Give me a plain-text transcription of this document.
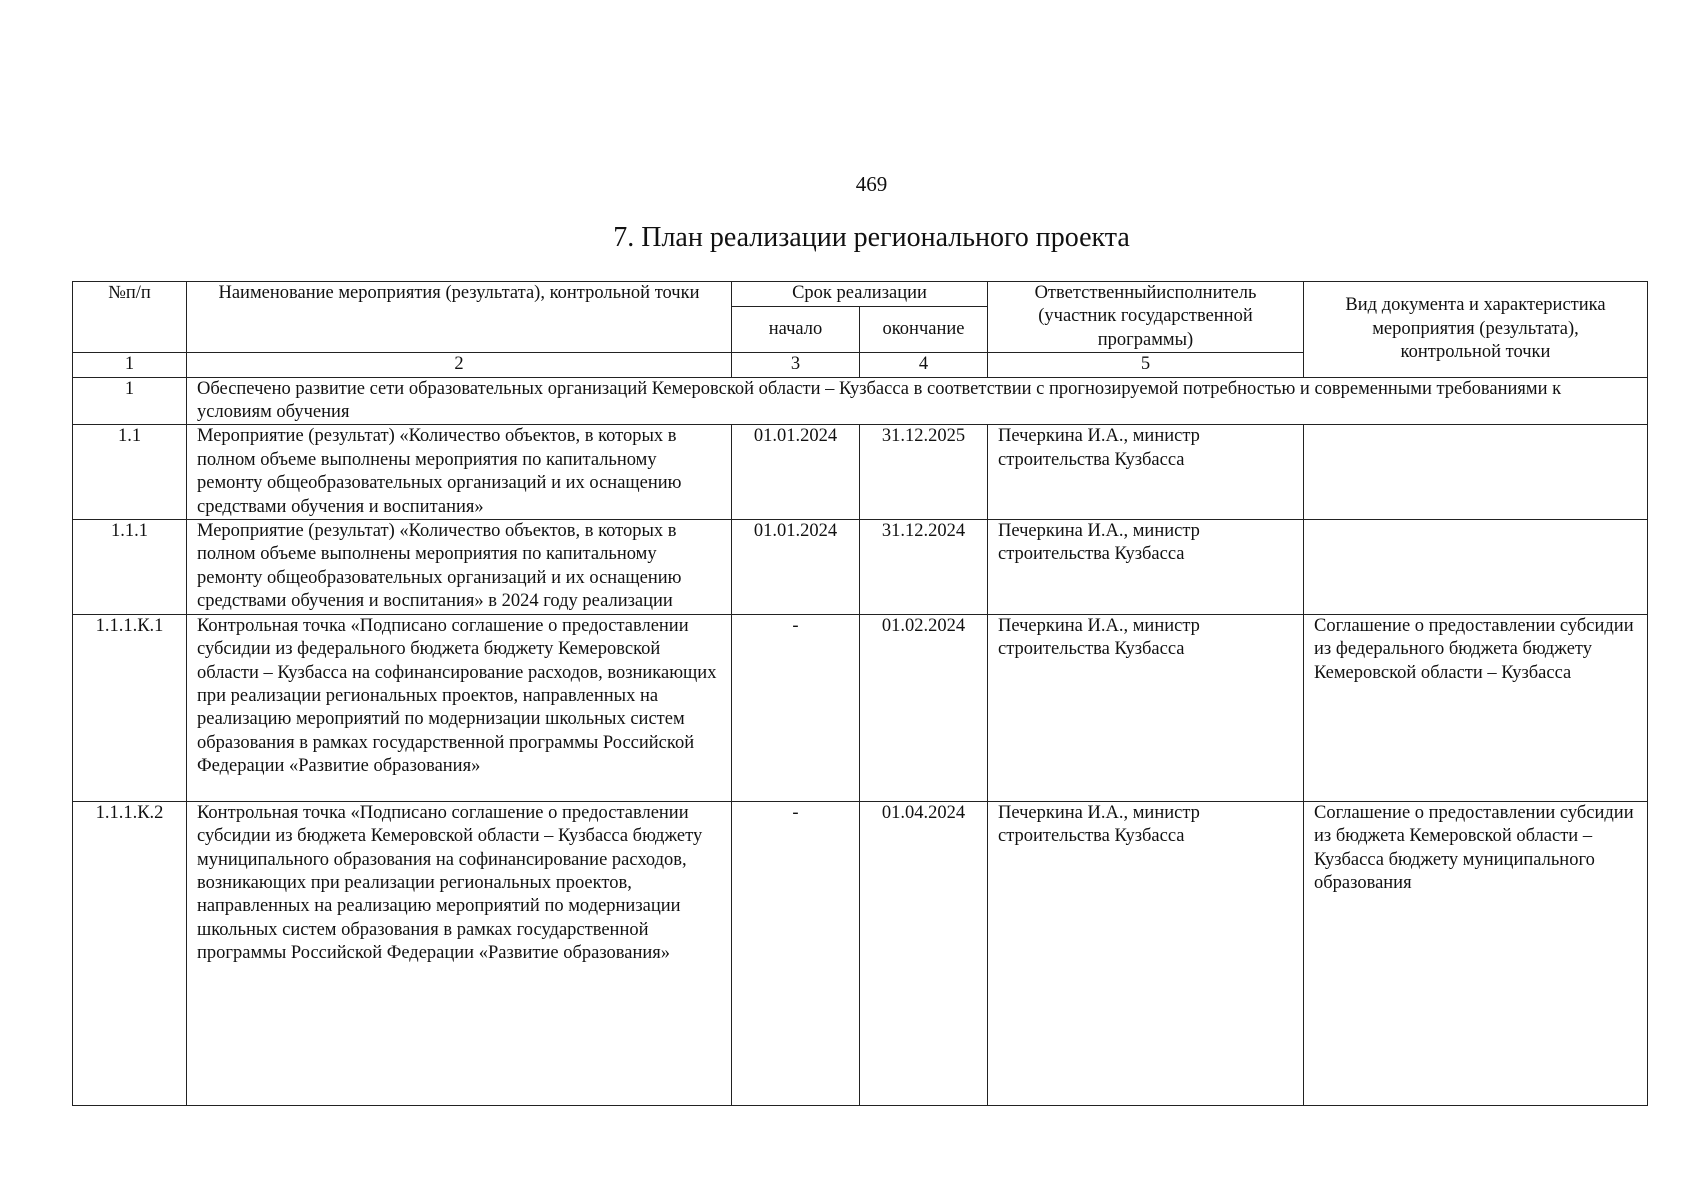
469
7. План реализации регионального проекта
№п/п	Наименование мероприятия (результата), контрольной точки	Срок реализации		Ответственныйисполнитель (участник государственной программы)	Вид документа и характеристика мероприятия (результата), контрольной точки
		начало	окончание		
1	2	3	4	5	
1	Обеспечено развитие сети образовательных организаций Кемеровской области – Кузбасса в соответствии с прогнозируемой потребностью и современными требованиями к условиям обучения				
1.1	Мероприятие (результат) «Количество объектов, в которых в полном объеме выполнены мероприятия по капитальному ремонту общеобразовательных организаций и их оснащению средствами обучения и воспитания»	01.01.2024	31.12.2025	Печеркина И.А., министр строительства Кузбасса	
1.1.1	Мероприятие (результат) «Количество объектов, в которых в полном объеме выполнены мероприятия по капитальному ремонту общеобразовательных организаций и их оснащению средствами обучения и воспитания» в 2024 году реализации	01.01.2024	31.12.2024	Печеркина И.А., министр строительства Кузбасса	
1.1.1.К.1	Контрольная точка «Подписано соглашение о предоставлении субсидии из федерального бюджета бюджету Кемеровской области – Кузбасса на софинансирование расходов, возникающих при реализации региональных проектов, направленных на реализацию мероприятий по модернизации школьных систем образования в рамках государственной программы Российской Федерации «Развитие образования»	-	01.02.2024	Печеркина И.А., министр строительства Кузбасса	Соглашение о предоставлении субсидии из федерального бюджета бюджету Кемеровской области – Кузбасса
1.1.1.К.2	Контрольная точка «Подписано соглашение о предоставлении субсидии из бюджета Кемеровской области – Кузбасса бюджету муниципального образования на софинансирование расходов, возникающих при реализации региональных проектов, направленных на реализацию мероприятий по модернизации школьных систем образования в рамках государственной программы Российской Федерации «Развитие образования»	-	01.04.2024	Печеркина И.А., министр строительства Кузбасса	Соглашение о предоставлении субсидии из бюджета Кемеровской области – Кузбасса бюджету муниципального образования
